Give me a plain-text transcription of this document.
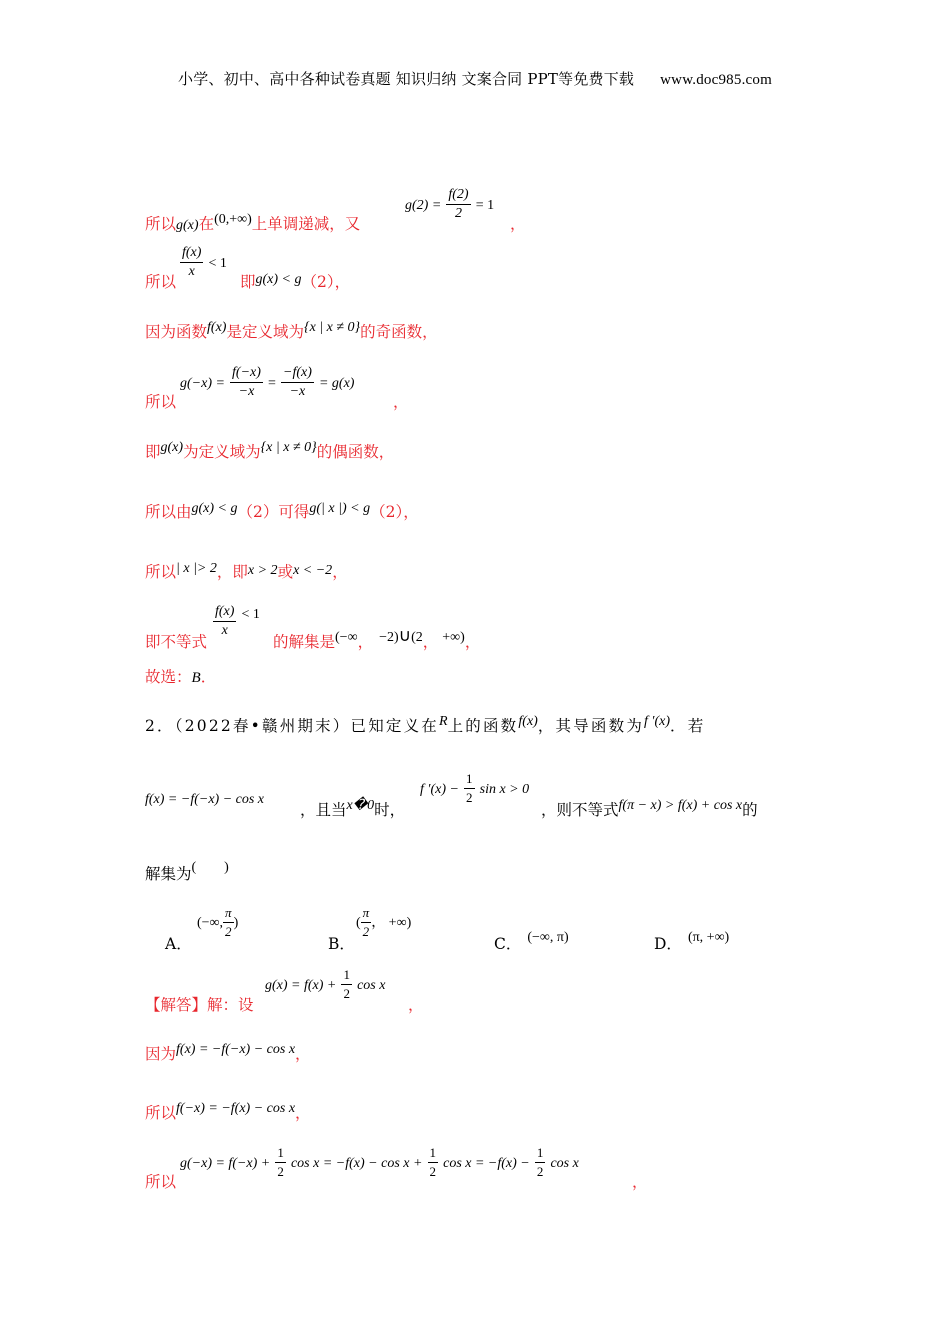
小学、初中、高中各种试卷真题 知识归纳 文案合同 PPT等免费下载 www.doc985.com
所以g(x)在(0,+∞)上单调递减，又
$g(2) = \frac{f(2)}{2} = 1$
，
所以
$\frac{f(x)}{x} < 1$
即g(x) < g（2），
因为函数f(x)是定义域为{x | x ≠ 0}的奇函数，
所以
$g(-x) = \frac{f(-x)}{-x} = \frac{-f(x)}{-x} = g(x)$
，
即g(x)为定义域为{x | x ≠ 0}的偶函数，
所以由g(x) < g（2）可得g(| x |) < g（2），
所以| x |> 2，即x > 2或x < −2，
即不等式
$\frac{f(x)}{x} < 1$
的解集是(−∞， −2)∪(2， +∞)，
故选：B．
2．（2022春•赣州期末）已知定义在R上的函数f(x)，其导函数为f ′(x)．若
f(x) = −f(−x) − cos x
，且当x�0时，
f $'(x) - \frac{1}{2}$ sin x > 0
，则不等式f(π − x) > f(x) + cos x的
解集为(        )
A．
(−∞, $\frac{\pi}{2}$ )
B．
( $\frac{\pi}{2}$ ， +∞)
C． (−∞, π)	D． (π, +∞)
【解答】解：设
$g(x) = f(x) + \frac{1}{2}$ cos x
，
因为f(x) = −f(−x) − cos x，
所以f(−x) = −f(x) − cos x，
所以
$g(-x) = f(-x) + \frac{1}{2}$ $\cos x = -f(x) - \cos x + \frac{1}{2}$ $\cos x = -f(x) - \frac{1}{2}$ cos x
，
